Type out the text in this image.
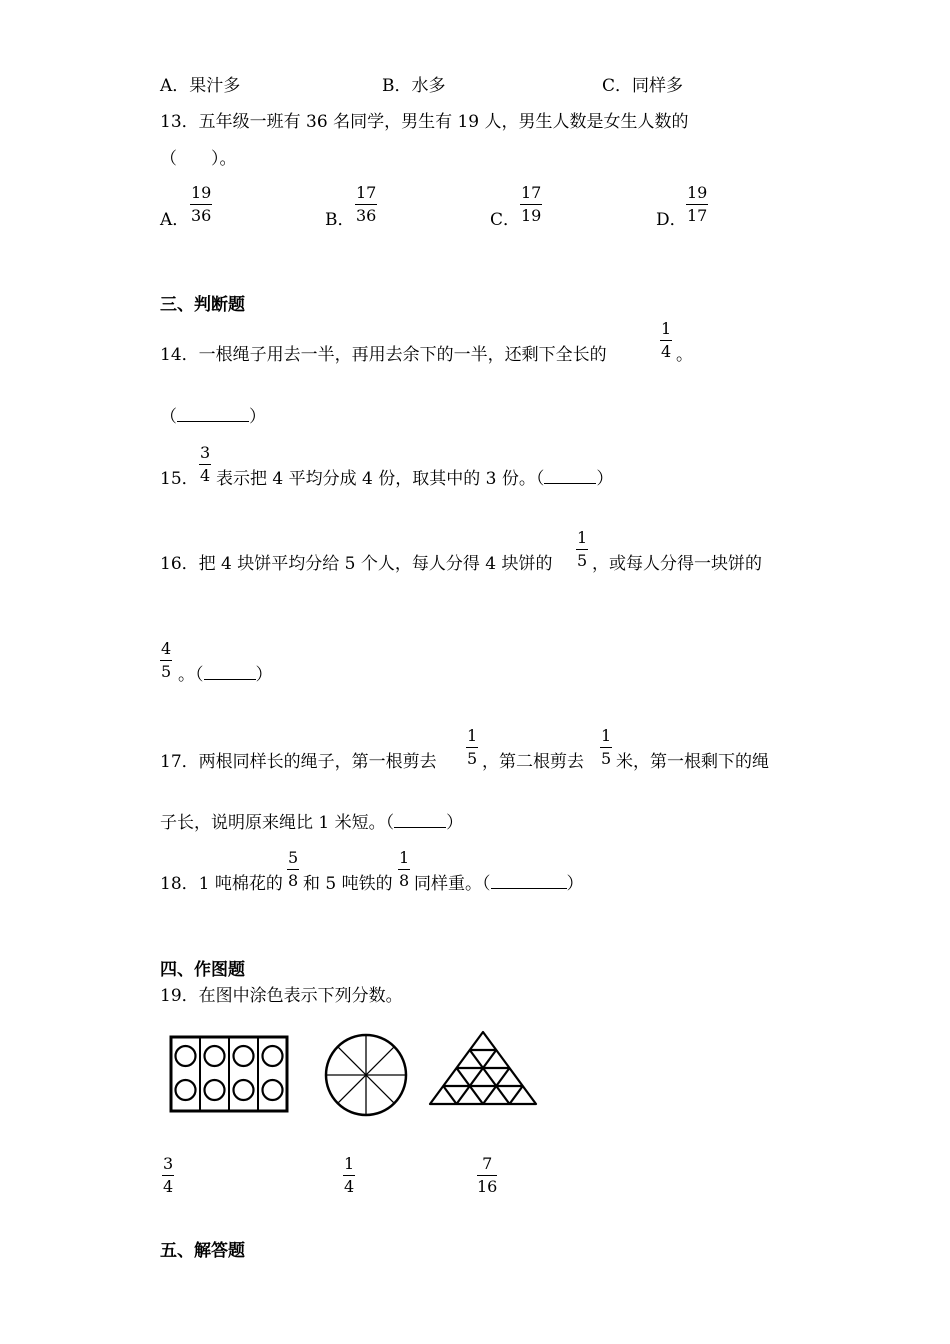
A．果汁多	B．水多	C．同样多
13．五年级一班有 36 名同学，男生有 19 人，男生人数是女生人数的
（　　）。
A．
19
36	B．
17
36	C．
17
19	D．
19
17
三、判断题
14．一根绳子用去一半，再用去余下的一半，还剩下全长的
1
4 。
（	）
15．
3
4 表示把 4 平均分成 4 份，取其中的 3 份。（	）
16．把 4 块饼平均分给 5 个人，每人分得 4 块饼的
1
5 ，或每人分得一块饼的
4
5 。（	）
17．两根同样长的绳子，第一根剪去
1
5 ，第二根剪去
1
5 米，第一根剩下的绳
子长，说明原来绳比 1 米短。（	）
18．1 吨棉花的
5
8 和 5 吨铁的
1
8 同样重。（	）
四、作图题
19．在图中涂色表示下列分数。
3
4
1
4
7
16
五、解答题
